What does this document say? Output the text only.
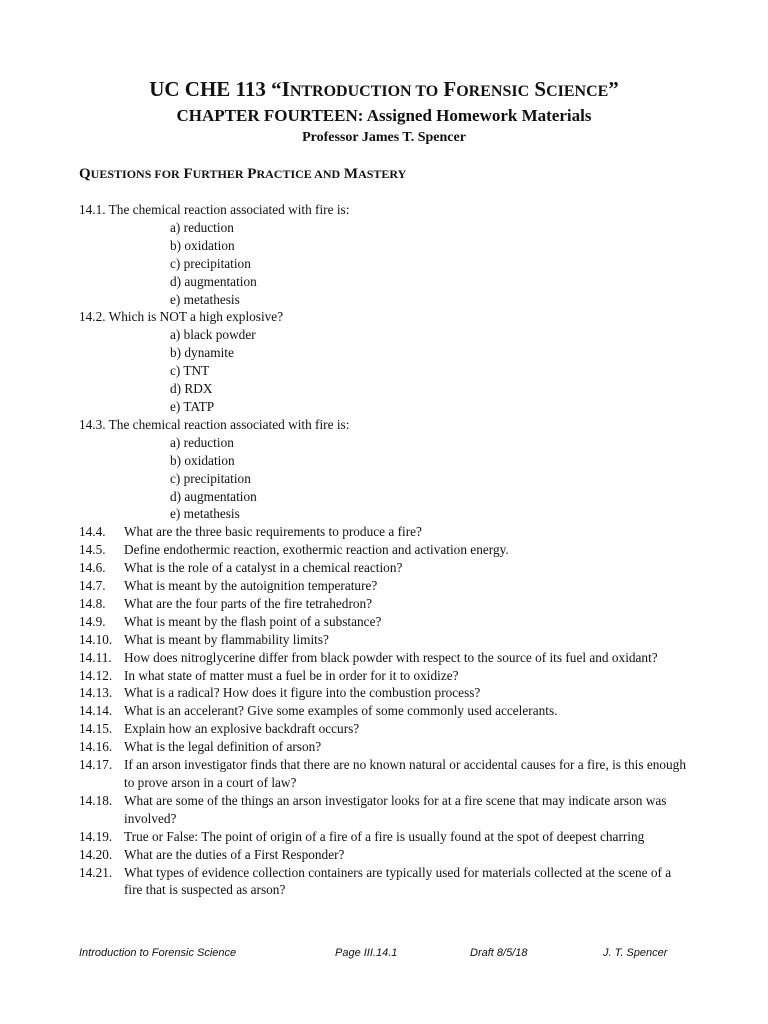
UC CHE 113 “INTRODUCTION TO FORENSIC SCIENCE”
CHAPTER FOURTEEN: Assigned Homework Materials
Professor James T. Spencer
QUESTIONS FOR FURTHER PRACTICE AND MASTERY
14.1. The chemical reaction associated with fire is:
a) reduction
b) oxidation
c) precipitation
d) augmentation
e) metathesis
14.2. Which is NOT a high explosive?
a) black powder
b) dynamite
c) TNT
d) RDX
e) TATP
14.3. The chemical reaction associated with fire is:
a) reduction
b) oxidation
c) precipitation
d) augmentation
e) metathesis
14.4.	What are the three basic requirements to produce a fire?
14.5.	Define endothermic reaction, exothermic reaction and activation energy.
14.6.	What is the role of a catalyst in a chemical reaction?
14.7.	What is meant by the autoignition temperature?
14.8.	What are the four parts of the fire tetrahedron?
14.9.	What is meant by the flash point of a substance?
14.10. What is meant by flammability limits?
14.11. How does nitroglycerine differ from black powder with respect to the source of its fuel and oxidant?
14.12. In what state of matter must a fuel be in order for it to oxidize?
14.13. What is a radical? How does it figure into the combustion process?
14.14. What is an accelerant? Give some examples of some commonly used accelerants.
14.15. Explain how an explosive backdraft occurs?
14.16. What is the legal definition of arson?
14.17. If an arson investigator finds that there are no known natural or accidental causes for a fire, is this enough to prove arson in a court of law?
14.18. What are some of the things an arson investigator looks for at a fire scene that may indicate arson was involved?
14.19. True or False: The point of origin of a fire of a fire is usually found at the spot of deepest charring
14.20. What are the duties of a First Responder?
14.21. What types of evidence collection containers are typically used for materials collected at the scene of a fire that is suspected as arson?
Introduction to Forensic Science	Page III.14.1	Draft 8/5/18	J. T. Spencer
